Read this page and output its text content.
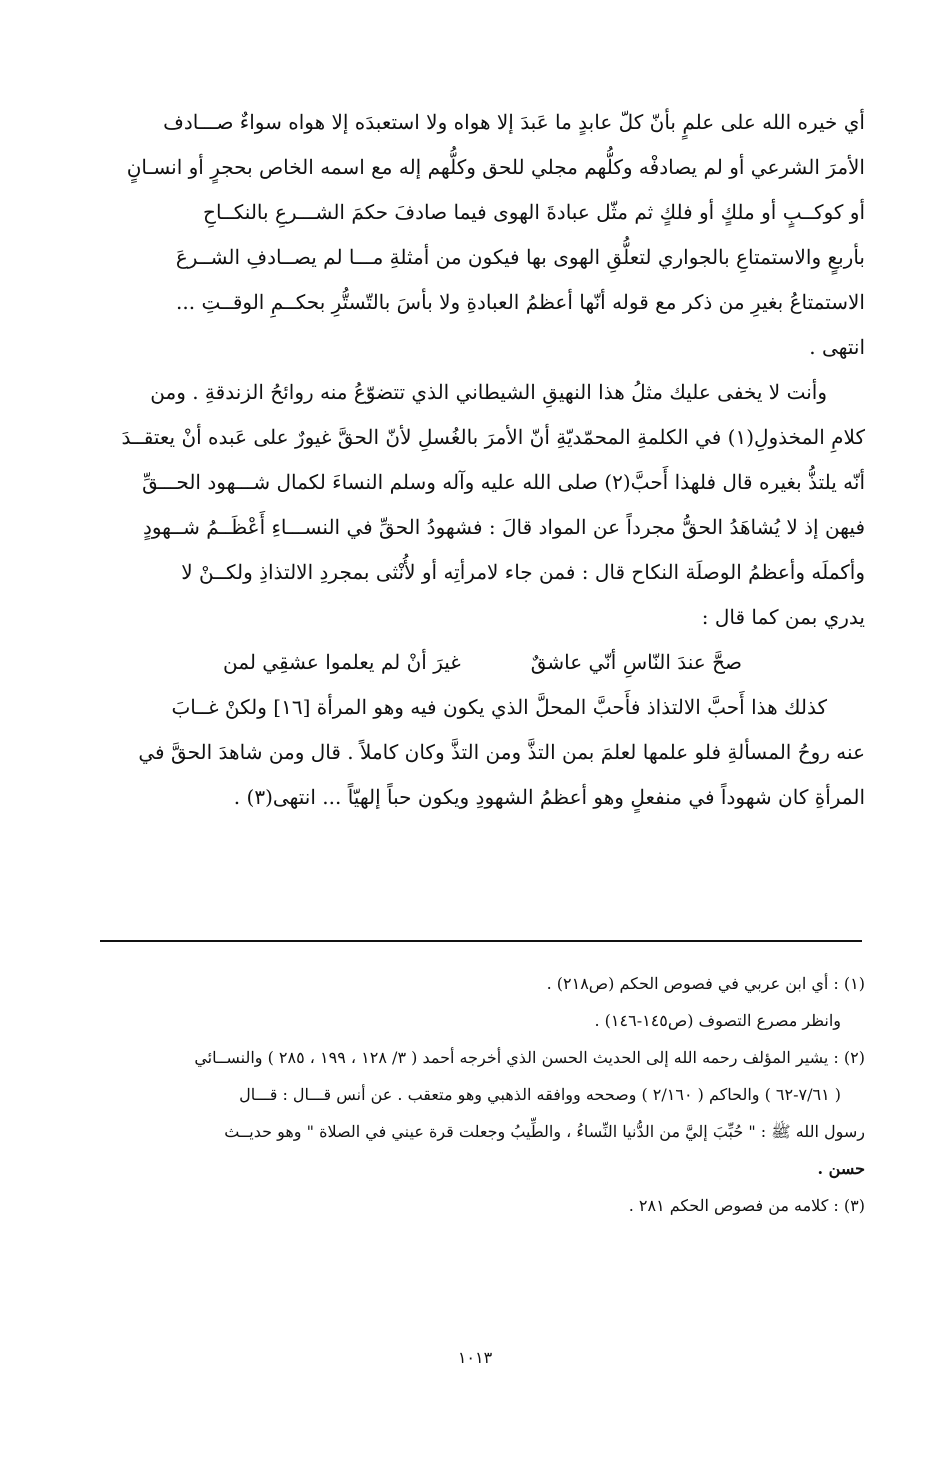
أي خيره الله على علمٍ بأنّ كلّ عابدٍ ما عَبدَ إلا هواه ولا استعبدَه إلا هواه سواءٌ صـــادف

الأمرَ الشرعي أو لم يصادفْه وكلُّهم مجلي للحق وكلُّهم إله مع اسمه الخاص بحجرٍ أو انسـانٍ

أو كوكــبٍ أو ملكٍ أو فلكٍ ثم مثّل عبادةَ الهوى فيما صادفَ حكمَ الشـــرعِ بالنكــاحِ

بأربعٍ والاستمتاعِ بالجواري لتعلُّقِ الهوى بها فيكون من أمثلةِ مـــا لم يصــادفِ الشــرعَ

الاستمتاعُ بغيرِ من ذكر مع قوله أنّها أعظمُ العبادةِ ولا بأسَ بالتّستُّرِ بحكــمِ الوقــتِ ...

انتهى .

وأنت لا يخفى عليك مثلُ هذا النهيقِ الشيطاني الذي تتضوّعُ منه روائحُ الزندقةِ . ومن

كلامِ المخذولِ(١) في الكلمةِ المحمّديّةِ أنّ الأمرَ بالغُسلِ لأنّ الحقَّ غيورٌ على عَبده أنْ يعتقــدَ

أنّه يلتذُّ بغيره قال فلهذا أَحبَّ(٢) صلى الله عليه وآله وسلم النساءَ لكمال شـــهود الحـــقِّ

فيهن إذ لا يُشاهَدُ الحقُّ مجرداً عن المواد قالَ : فشهودُ الحقِّ في النســـاءِ أَعْظَــمُ شــهودٍ

وأكملَه وأعظمُ الوصلَة النكاح قال : فمن جاء لامرأتِه أو لأُنْثى بمجردِ الالتذاذِ ولكــنْ لا

يدري بمن كما قال :

صحَّ عندَ النّاسِ أنّي عاشقٌ
غيرَ أنْ لم يعلموا عشقِي لمن

كذلك هذا أَحبَّ الالتذاذ فأَحبَّ المحلَّ الذي يكون فيه وهو المرأة [١٦] ولكنْ غــابَ

عنه روحُ المسألةِ فلو علمها لعلمَ بمن التذَّ ومن التذَّ وكان كاملاً . قال ومن شاهدَ الحقَّ في

المرأةِ كان شهوداً في منفعلٍ وهو أعظمُ الشهودِ ويكون حباً إلهيّاً ... انتهى(٣) .

(١) : أي ابن عربي في فصوص الحكم (ص٢١٨) .

وانظر مصرع التصوف (ص١٤٥-١٤٦) .

(٢) : يشير المؤلف رحمه الله إلى الحديث الحسن الذي أخرجه أحمد ( ٣/ ١٢٨ ، ١٩٩ ، ٢٨٥ ) والنســائي

( ٧/٦١-٦٢ ) والحاكم ( ٢/١٦٠ ) وصححه ووافقه الذهبي وهو متعقب . عن أنس قـــال : قـــال

رسول الله ﷺ : " حُبِّبَ إليَّ من الدُّنيا النِّساءُ ، والطِّيبُ وجعلت قرة عيني في الصلاة " وهو حديــث

حسن .

(٣) : كلامه من فصوص الحكم ٢٨١ .

١٠١٣
